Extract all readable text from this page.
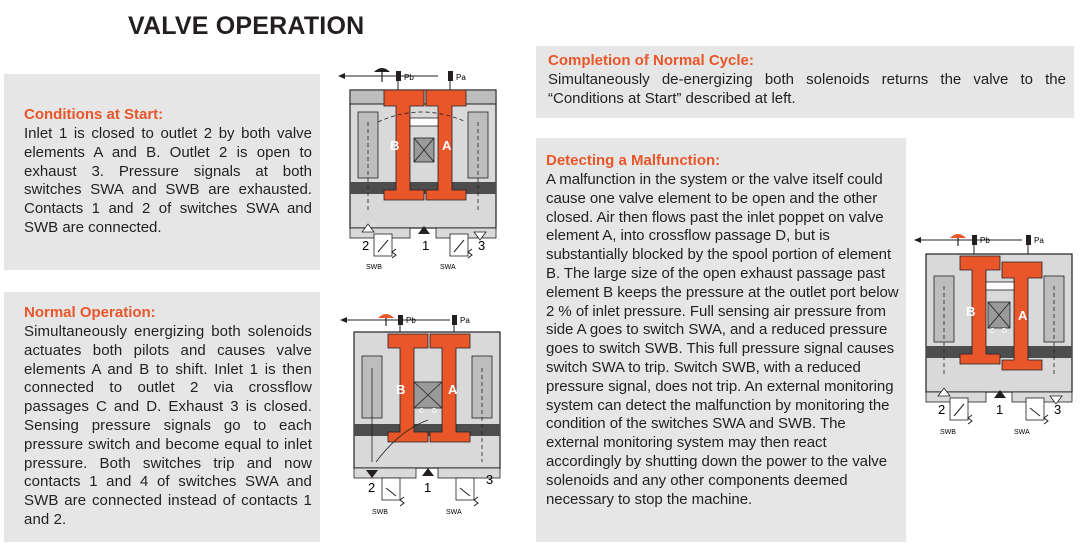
VALVE OPERATION
Conditions at Start:

Inlet 1 is closed to outlet 2 by both valve elements A and B. Outlet 2 is open to exhaust 3. Pressure signals at both switches SWA and SWB are exhausted. Contacts 1 and 2 of switches SWA and SWB are connected.

Normal Operation:

Simultaneously energizing both solenoids actuates both pilots and causes valve elements A and B to shift. Inlet 1 is then connected to outlet 2 via crossflow passages C and D. Exhaust 3 is closed. Sensing pressure signals go to each pressure switch and become equal to inlet pressure. Both switches trip and now contacts 1 and 4 of switches SWA and SWB are connected instead of contacts 1 and 2.

Completion of Normal Cycle:

Simultaneously de-energizing both solenoids returns the valve to the “Conditions at Start” described at left.

Detecting a Malfunction:

A malfunction in the system or the valve itself could cause one valve element to be open and the other closed. Air then flows past the inlet poppet on valve element A, into crossflow passage D, but is substantially blocked by the spool portion of element B. The large size of the open exhaust passage past element B keeps the pressure at the outlet port below 2 % of inlet pressure. Full sensing air pressure from side A goes to switch SWA, and a reduced pressure goes to switch SWB. This full pressure signal causes switch SWA to trip. Switch SWB, with a reduced pressure signal, does not trip. An external monitoring system can detect the malfunction by monitoring the condition of the switches SWA and SWB. The external monitoring system may then react accordingly by shutting down the power to the valve solenoids and any other components deemed necessary to stop the machine.

Pb	Pa
B	A
2	1	3
SWB	SWA
Pb	Pa
B	A
C D
2	1
3
SWB	SWA
Pb	Pa
B	A
C D
2	1	3
SWB	SWA
